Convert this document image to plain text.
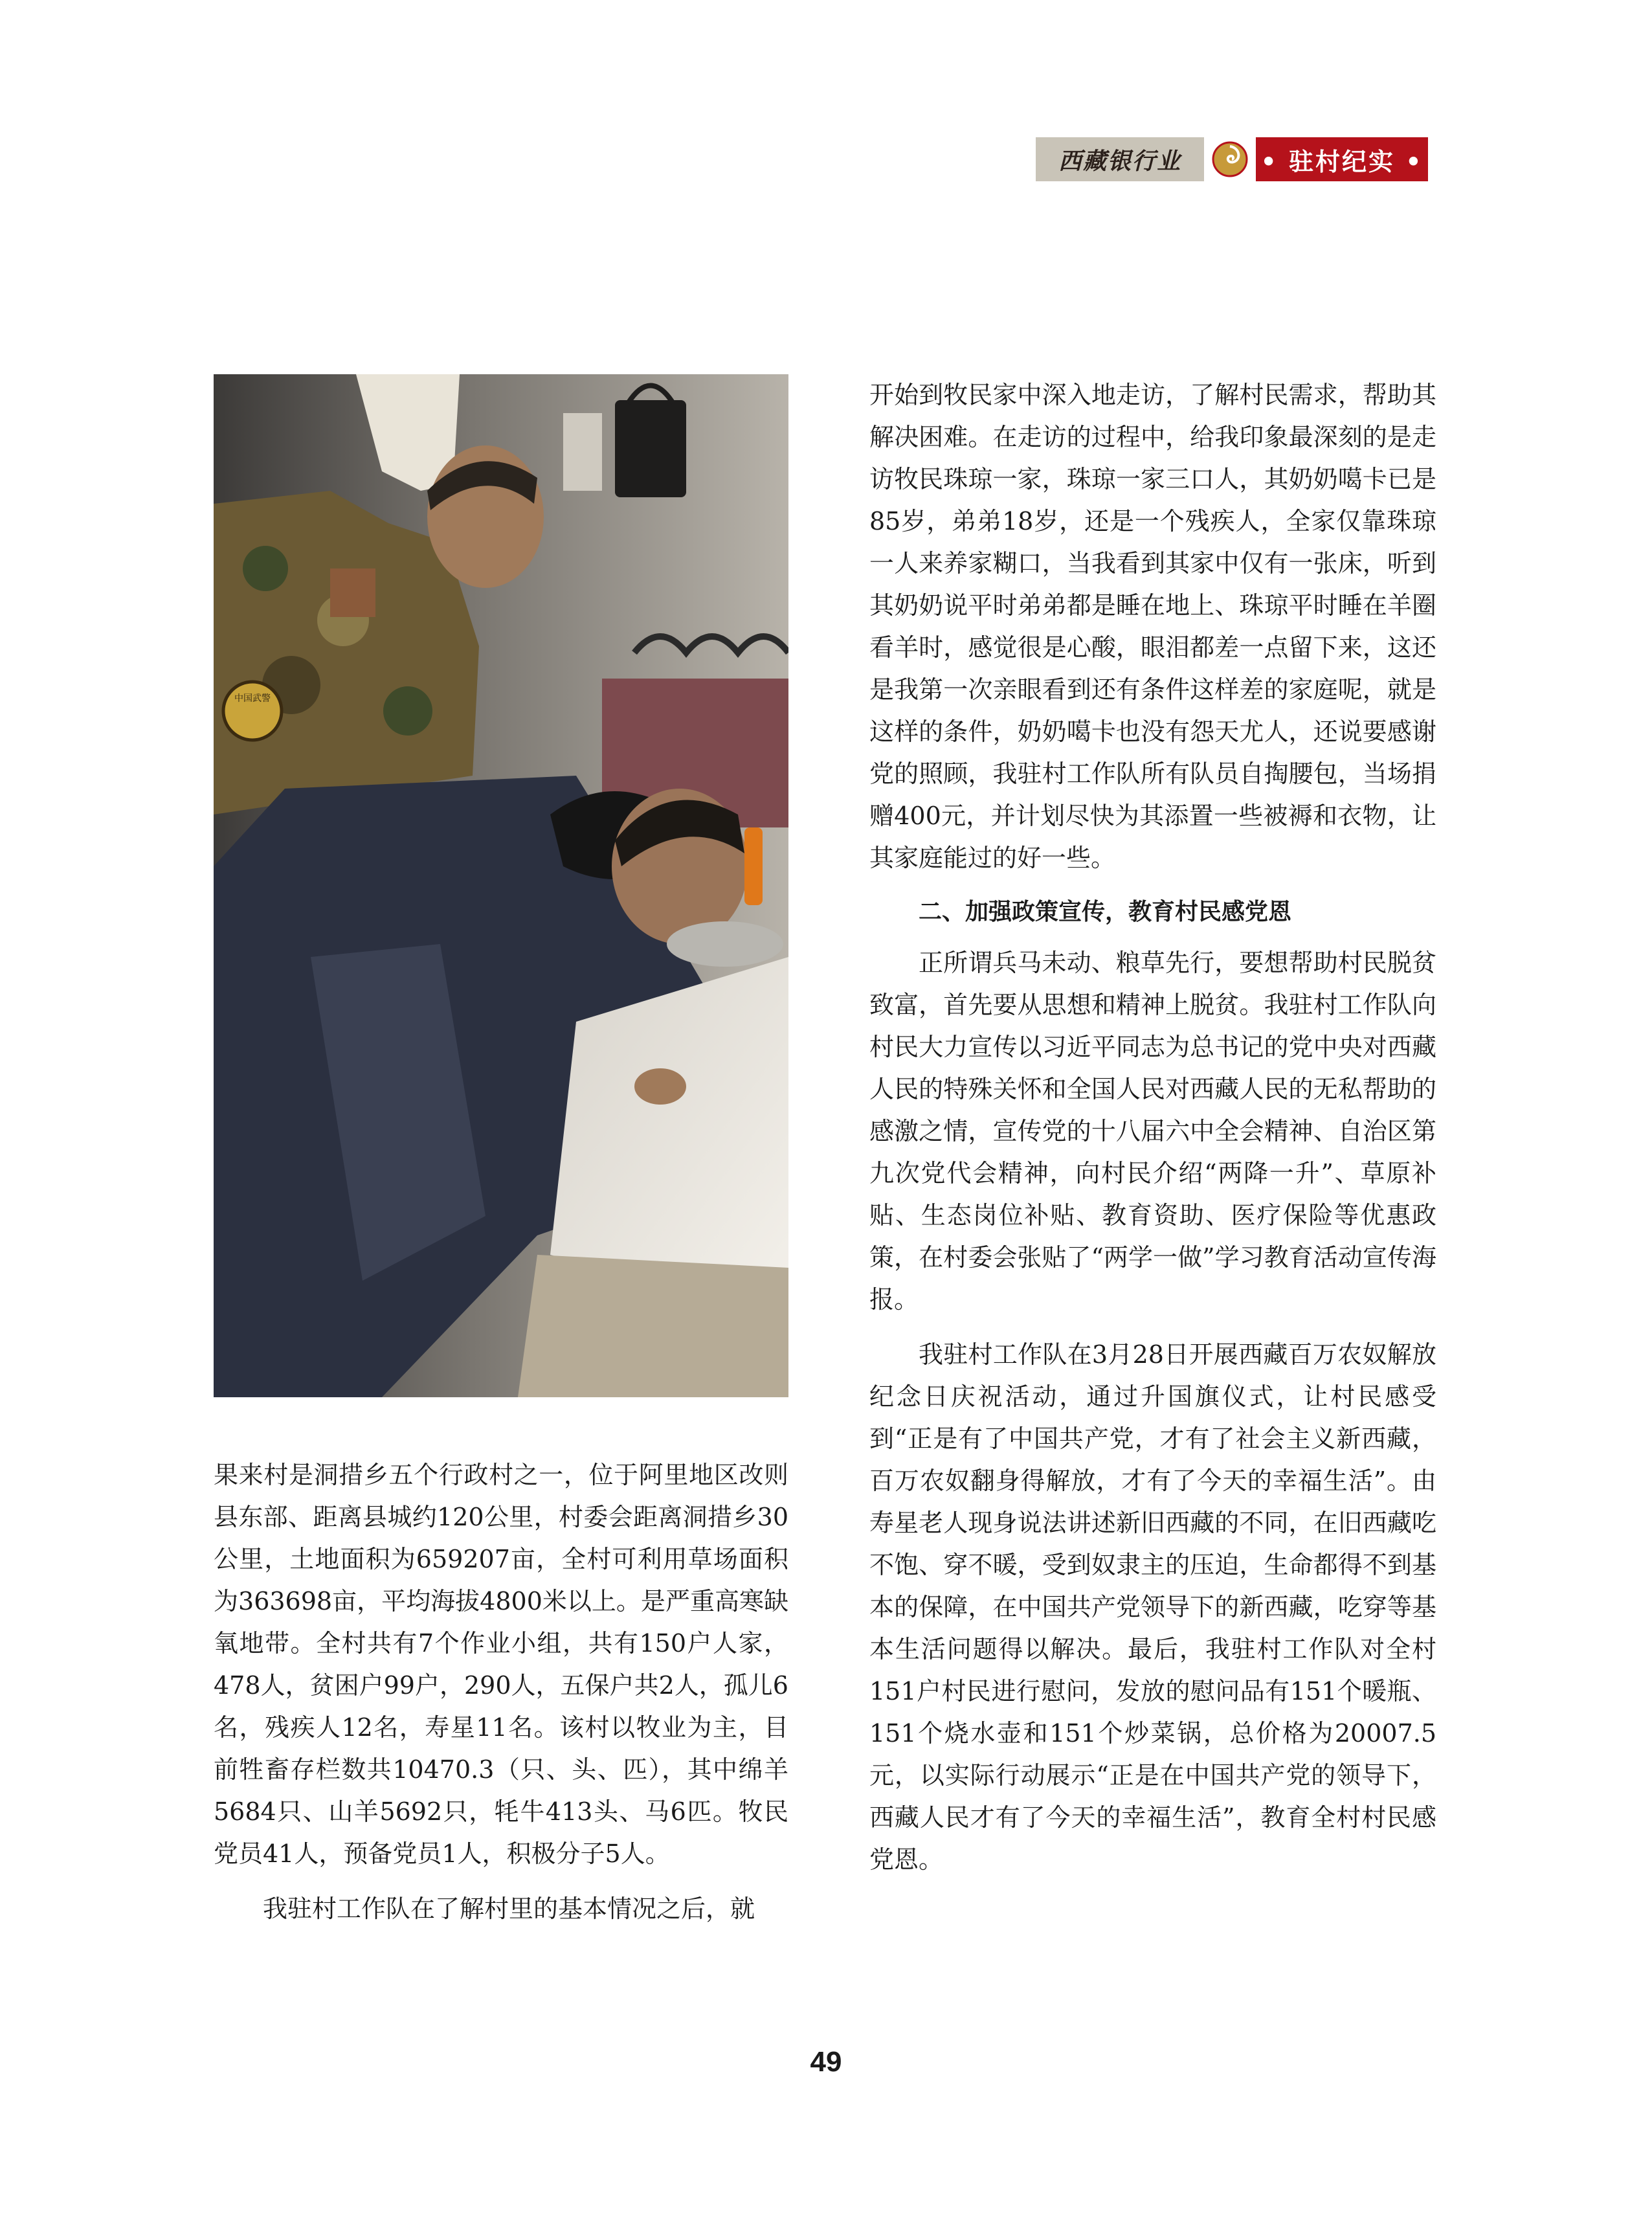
西藏银行业	• 驻村纪实 •
中国武警

果来村是洞措乡五个行政村之一，位于阿里地区改则县东部、距离县城约120公里，村委会距离洞措乡30公里，土地面积为659207亩，全村可利用草场面积为363698亩，平均海拔4800米以上。是严重高寒缺氧地带。全村共有7个作业小组，共有150户人家，478人，贫困户99户，290人，五保户共2人，孤儿6名，残疾人12名，寿星11名。该村以牧业为主，目前牲畜存栏数共10470.3（只、头、匹），其中绵羊5684只、山羊5692只，牦牛413头、马6匹。牧民党员41人，预备党员1人，积极分子5人。

我驻村工作队在了解村里的基本情况之后，就

开始到牧民家中深入地走访，了解村民需求，帮助其解决困难。在走访的过程中，给我印象最深刻的是走访牧民珠琼一家，珠琼一家三口人，其奶奶噶卡已是85岁，弟弟18岁，还是一个残疾人，全家仅靠珠琼一人来养家糊口，当我看到其家中仅有一张床，听到其奶奶说平时弟弟都是睡在地上、珠琼平时睡在羊圈看羊时，感觉很是心酸，眼泪都差一点留下来，这还是我第一次亲眼看到还有条件这样差的家庭呢，就是这样的条件，奶奶噶卡也没有怨天尤人，还说要感谢党的照顾，我驻村工作队所有队员自掏腰包，当场捐赠400元，并计划尽快为其添置一些被褥和衣物，让其家庭能过的好一些。

二、加强政策宣传，教育村民感党恩

正所谓兵马未动、粮草先行，要想帮助村民脱贫致富，首先要从思想和精神上脱贫。我驻村工作队向村民大力宣传以习近平同志为总书记的党中央对西藏人民的特殊关怀和全国人民对西藏人民的无私帮助的感激之情，宣传党的十八届六中全会精神、自治区第九次党代会精神，向村民介绍“两降一升”、草原补贴、生态岗位补贴、教育资助、医疗保险等优惠政策，在村委会张贴了“两学一做”学习教育活动宣传海报。

我驻村工作队在3月28日开展西藏百万农奴解放纪念日庆祝活动，通过升国旗仪式，让村民感受到“正是有了中国共产党，才有了社会主义新西藏，百万农奴翻身得解放，才有了今天的幸福生活”。由寿星老人现身说法讲述新旧西藏的不同，在旧西藏吃不饱、穿不暖，受到奴隶主的压迫，生命都得不到基本的保障，在中国共产党领导下的新西藏，吃穿等基本生活问题得以解决。最后，我驻村工作队对全村151户村民进行慰问，发放的慰问品有151个暖瓶、151个烧水壶和151个炒菜锅，总价格为20007.5元，以实际行动展示“正是在中国共产党的领导下，西藏人民才有了今天的幸福生活”，教育全村村民感党恩。

49
